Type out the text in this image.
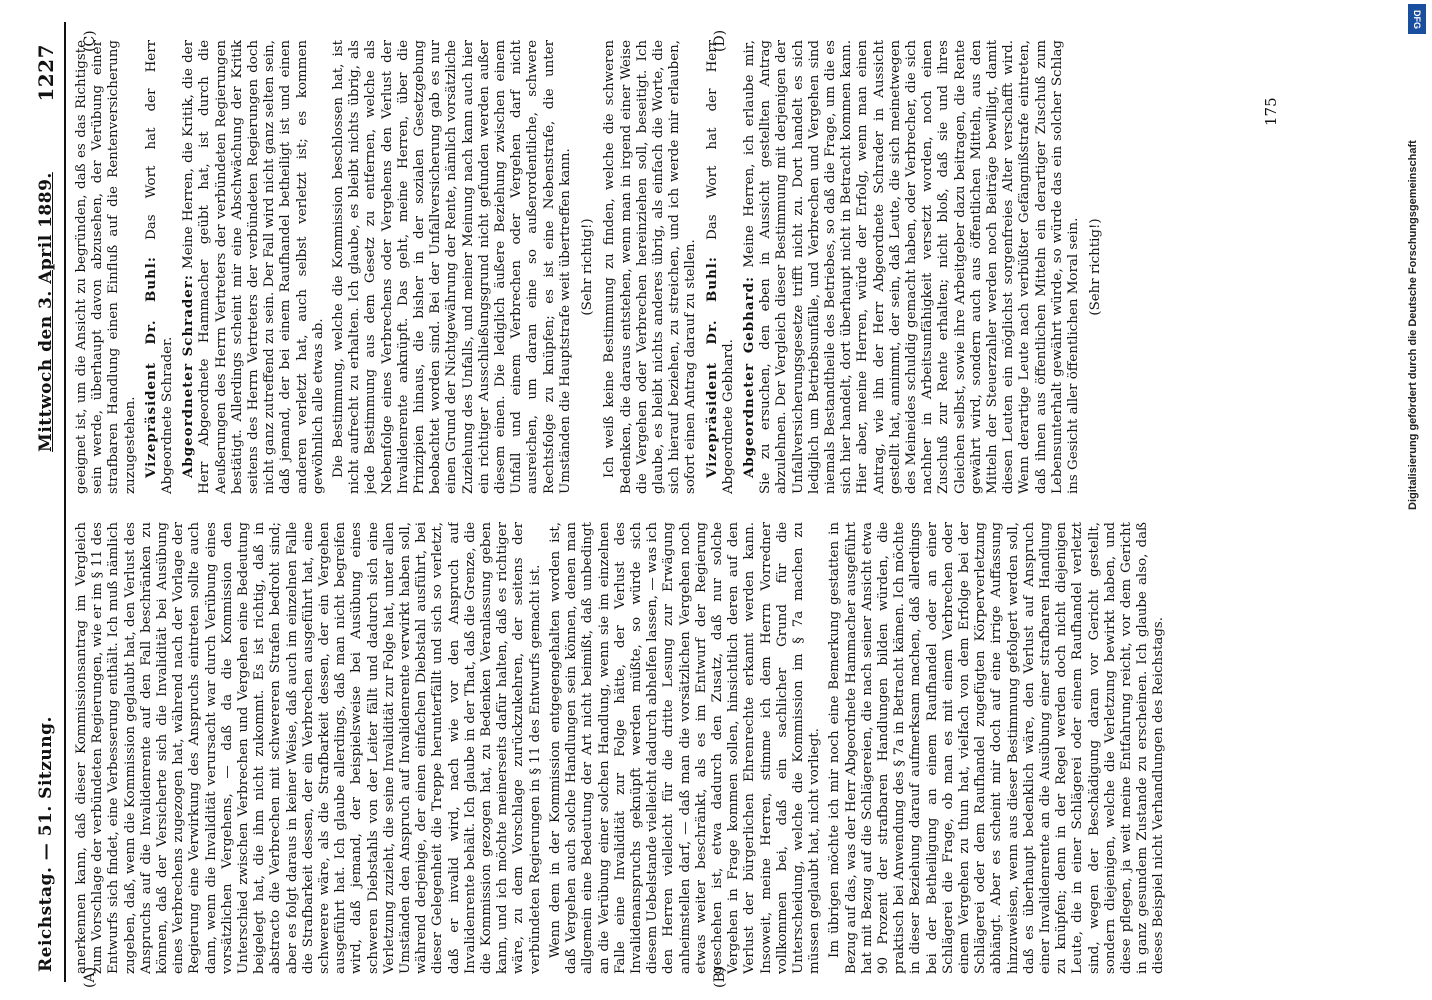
Reichstag. — 51. Sitzung.
Mittwoch den 3. April 1889.
1227

anerkennen kann, daß dieser Kommissionsantrag im Vergleich zum Vorschlage der verbündeten Regierungen, wie er im § 11 des Entwurfs sich findet, eine Verbesserung enthält. Ich muß nämlich zugeben, daß, wenn die Kommission geglaubt hat, den Verlust des Anspruchs auf die Invalidenrente auf den Fall beschränken zu können, daß der Versicherte sich die Invalidität bei Ausübung eines Verbrechens zugezogen hat, während nach der Vorlage der Regierung eine Verwirkung des Anspruchs eintreten sollte auch dann, wenn die Invalidität verursacht war durch Verübung eines vorsätzlichen Vergehens, — daß da die Kommission den Unterschied zwischen Verbrechen und Vergehen eine Bedeutung beigelegt hat, die ihm nicht zukommt. Es ist richtig, daß in abstracto die Verbrechen mit schwereren Strafen bedroht sind; aber es folgt daraus in keiner Weise, daß auch im einzelnen Falle die Strafbarkeit dessen, der ein Verbrechen ausgeführt hat, eine schwerere wäre, als die Strafbarkeit dessen, der ein Vergehen ausgeführt hat. Ich glaube allerdings, daß man nicht begreifen wird, daß jemand, der beispielsweise bei Ausübung eines schweren Diebstahls von der Leiter fällt und dadurch sich eine Verletzung zuzieht, die seine Invalidität zur Folge hat, unter allen Umständen den Anspruch auf Invalidenrente verwirkt haben soll, während derjenige, der einen einfachen Diebstahl ausführt, bei dieser Gelegenheit die Treppe herunterfällt und sich so verletzt, daß er invalid wird, nach wie vor den Anspruch auf Invalidenrente behält. Ich glaube in der That, daß die Grenze, die die Kommission gezogen hat, zu Bedenken Veranlassung geben kann, und ich möchte meinerseits dafür halten, daß es richtiger wäre, zu dem Vorschlage zurückzukehren, der seitens der verbündeten Regierungen in § 11 des Entwurfs gemacht ist. Wenn dem in der Kommission entgegengehalten worden ist, daß Vergehen auch solche Handlungen sein können, denen man allgemein eine Bedeutung der Art nicht beimißt, daß unbedingt an die Verübung einer solchen Handlung, wenn sie im einzelnen Falle eine Invalidität zur Folge hätte, der Verlust des Invalidenanspruchs geknüpft werden müßte, so würde sich diesem Uebelstande vielleicht dadurch abhelfen lassen, — was ich den Herren vielleicht für die dritte Lesung zur Erwägung anheimstellen darf, — daß man die vorsätzlichen Vergehen noch etwas weiter beschränkt, als es im Entwurf der Regierung geschehen ist, etwa dadurch den Zusatz, daß nur solche Vergehen in Frage kommen sollen, hinsichtlich deren auf den Verlust der bürgerlichen Ehrenrechte erkannt werden kann. Insoweit, meine Herren, stimme ich dem Herrn Vorredner vollkommen bei, daß ein sachlicher Grund für die Unterscheidung, welche die Kommission im § 7a machen zu müssen geglaubt hat, nicht vorliegt. Im übrigen möchte ich mir noch eine Bemerkung gestatten in Bezug auf das, was der Herr Abgeordnete Hammacher ausgeführt hat mit Bezug auf die Schlägereien, die nach seiner Ansicht etwa 90 Prozent der strafbaren Handlungen bilden würden, die praktisch bei Anwendung des § 7a in Betracht kämen. Ich möchte in dieser Beziehung darauf aufmerksam machen, daß allerdings bei der Betheiligung an einem Raufhandel oder an einer Schlägerei die Frage, ob man es mit einem Verbrechen oder einem Vergehen zu thun hat, vielfach von dem Erfolge bei der Schlägerei oder dem Raufhandel zugefügten Körperverletzung abhängt. Aber es scheint mir doch auf eine irrige Auffassung hinzuweisen, wenn aus dieser Bestimmung gefolgert werden soll, daß es überhaupt bedenklich wäre, den Verlust auf Anspruch einer Invalidenrente an die Ausübung einer strafbaren Handlung zu knüpfen; denn in der Regel werden doch nicht diejenigen Leute, die in einer Schlägerei oder einem Raufhandel verletzt sind, wegen der Beschädigung daran vor Gericht gestellt, sondern diejenigen, welche die Verletzung bewirkt haben, und diese pflegen, ja weit meine Entfahrung reicht, vor dem Gericht in ganz gesundem Zustande zu erscheinen. Ich glaube also, daß dieses Beispiel nicht Verhandlungen des Reichstags.

geeignet ist, um die Ansicht zu begründen, daß es das Richtigste sein werde, überhaupt davon abzusehen, der Verübung einer strafbaren Handlung einen Einfluß auf die Rentenversicherung zuzugestehen. Vizepräsident Dr. Buhl: Das Wort hat der Herr Abgeordnete Schrader. Abgeordneter Schrader: Meine Herren, die Kritik, die der Herr Abgeordnete Hammacher geübt hat, ist durch die Aeußerungen des Herrn Vertreters der verbündeten Regierungen bestätigt. Allerdings scheint mir eine Abschwächung der Kritik seitens des Herrn Vertreters der verbündeten Regierungen doch nicht ganz zutreffend zu sein. Der Fall wird nicht ganz selten sein, daß jemand, der bei einem Raufhandel betheiligt ist und einen anderen verletzt hat, auch selbst verletzt ist; es kommen gewöhnlich alle etwas ab. Die Bestimmung, welche die Kommission beschlossen hat, ist nicht aufrecht zu erhalten. Ich glaube, es bleibt nichts übrig, als jede Bestimmung aus dem Gesetz zu entfernen, welche als Nebenfolge eines Verbrechens oder Vergehens den Verlust der Invalidenrente anknüpft. Das geht, meine Herren, über die Prinzipien hinaus, die bisher in der sozialen Gesetzgebung beobachtet worden sind. Bei der Unfallversicherung gab es nur einen Grund der Nichtgewährung der Rente, nämlich vorsätzliche Zuziehung des Unfalls, und meiner Meinung nach kann auch hier ein richtiger Ausschließungsgrund nicht gefunden werden außer diesem einen. Die lediglich äußere Beziehung zwischen einem Unfall und einem Verbrechen oder Vergehen darf nicht ausreichen, um daran eine so außerordentliche, schwere Rechtsfolge zu knüpfen; es ist eine Nebenstrafe, die unter Umständen die Hauptstrafe weit übertreffen kann. (Sehr richtig!) Ich weiß keine Bestimmung zu finden, welche die schweren Bedenken, die daraus entstehen, wenn man in irgend einer Weise die Vergehen oder Verbrechen hereinziehen soll, beseitigt. Ich glaube, es bleibt nichts anderes übrig, als einfach die Worte, die sich hierauf beziehen, zu streichen, und ich werde mir erlauben, sofort einen Antrag darauf zu stellen. Vizepräsident Dr. Buhl: Das Wort hat der Herr Abgeordnete Gebhard. Abgeordneter Gebhard: Meine Herren, ich erlaube mir, Sie zu ersuchen, den eben in Aussicht gestellten Antrag abzulehnen. Der Vergleich dieser Bestimmung mit derjenigen der Unfallversicherungsgesetze trifft nicht zu. Dort handelt es sich lediglich um Betriebsunfälle, und Verbrechen und Vergehen sind niemals Bestandtheile des Betriebes, so daß die Frage, um die es sich hier handelt, dort überhaupt nicht in Betracht kommen kann. Hier aber, meine Herren, würde der Erfolg, wenn man einen Antrag, wie ihn der Herr Abgeordnete Schrader in Aussicht gestellt hat, annimmt, der sein, daß Leute, die sich meinetwegen des Meineides schuldig gemacht haben, oder Verbrecher, die sich nachher in Arbeitsunfähigkeit versetzt worden, noch einen Zuschuß zur Rente erhalten; nicht bloß, daß sie und ihres Gleichen selbst, sowie ihre Arbeitgeber dazu beitragen, die Rente gewährt wird, sondern auch aus öffentlichen Mitteln, aus den Mitteln der Steuerzahler werden noch Beiträge bewilligt, damit diesen Leuten ein möglichst sorgenfreies Alter verschafft wird. Wenn derartige Leute nach verbüßter Gefängnißstrafe eintreten, daß ihnen aus öffentlichen Mitteln ein derartiger Zuschuß zum Lebensunterhalt gewährt würde, so würde das ein solcher Schlag ins Gesicht aller öffentlichen Moral sein. (Sehr richtig!)

(A)	(B)
(C)	(D)
175
DFG
Digitalisierung gefördert durch die Deutsche Forschungsgemeinschaft
